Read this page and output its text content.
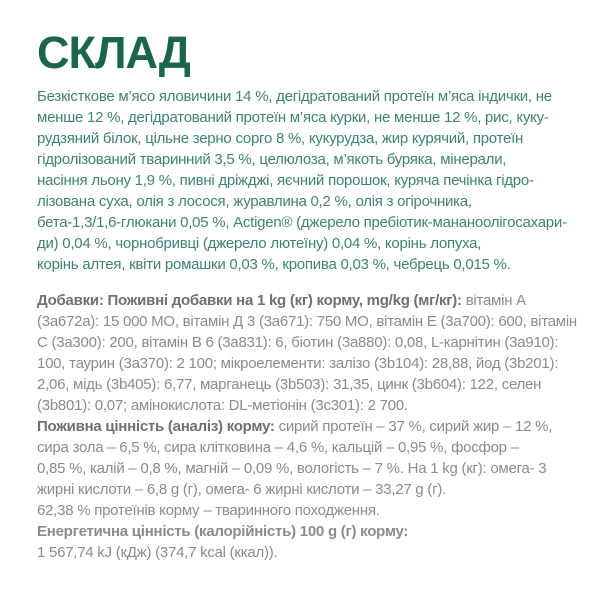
СКЛАД
Безкісткове м’ясо яловичини 14 %, дегідратований протеїн м’яса індички, не
менше 12 %, дегідратований протеїн м’яса курки, не менше 12 %, рис, куку-
рудзяний білок, цільне зерно сорго 8 %, кукурудза, жир курячий, протеїн
гідролізований тваринний 3,5 %, целюлоза, м’якоть буряка, мінерали,
насіння льону 1,9 %, пивні дріжджі, яєчний порошок, куряча печінка гідро-
лізована суха, олія з лосося, журавлина 0,2 %, олія з огірочника,
бета-1,3/1,6-глюкани 0,05 %, Actigen® (джерело пребіотик-мананоолігосахари-
ди) 0,04 %, чорнобривці (джерело лютеїну) 0,04 %, корінь лопуха,
корінь алтея, квіти ромашки 0,03 %, кропива 0,03 %, чебрець 0,015 %.
Добавки: Поживні добавки на 1 kg (кг) корму, mg/kg (мг/кг): вітамін А
(3а672а): 15 000 МО, вітамін Д 3 (3а671): 750 МО, вітамін Е (3а700): 600, вітамін
С (3а300): 200, вітамін В 6 (3а831): 6, біотин (3а880): 0,08, L-карнітин (3а910):
100, таурин (3а370): 2 100; мікроелементи: залізо (3b104): 28,88, йод (3b201):
2,06, мідь (3b405): 6,77, марганець (3b503): 31,35, цинк (3b604): 122, селен
(3b801): 0,07; амінокислота: DL-метіонін (3с301): 2 700.
Поживна цінність (аналіз) корму: сирий протеїн – 37 %, сирий жир – 12 %,
сира зола – 6,5 %, сира клітковина – 4,6 %, кальцій – 0,95 %, фосфор –
0,85 %, калій – 0,8 %, магній – 0,09 %, вологість – 7 %. На 1 kg (кг): омега- 3
жирні кислоти – 6,8 g (г), омега- 6 жирні кислоти – 33,27 g (г).
62,38 % протеїнів корму – тваринного походження.
Енергетична цінність (калорійність) 100 g (г) корму:
1 567,74 kJ (кДж) (374,7 kcal (ккал)).
